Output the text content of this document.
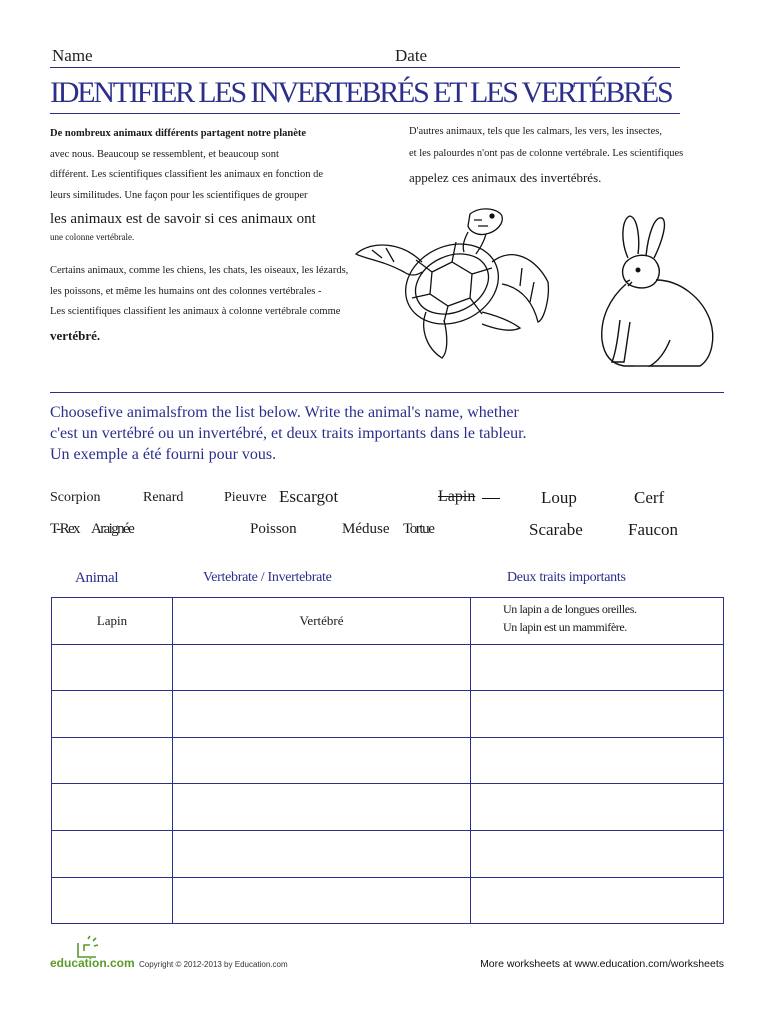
Name	Date
IDENTIFIER LES INVERTEBRÉS ET LES VERTÉBRÉS
De nombreux animaux différents partagent notre planète
avec nous. Beaucoup se ressemblent, et beaucoup sont
différent. Les scientifiques classifient les animaux en fonction de
leurs similitudes. Une façon pour les scientifiques de grouper
les animaux est de savoir si ces animaux ont
une colonne vertébrale.
Certains animaux, comme les chiens, les chats, les oiseaux, les lézards,
les poissons, et même les humains ont des colonnes vertébrales -
Les scientifiques classifient les animaux à colonne vertébrale comme
vertébré.
D'autres animaux, tels que les calmars, les vers, les insectes,
et les palourdes n'ont pas de colonne vertébrale. Les scientifiques
appelez ces animaux des invertébrés.
Choosefive animalsfrom the list below. Write the animal's name, whether
c'est un vertébré ou un invertébré, et deux traits importants dans le tableur.
Un exemple a été fourni pour vous.
Scorpion	Renard	Pieuvre Escargot	Lapin	Loup	Cerf
T-Rex Araignée	Poisson	Méduse Tortue	Scarabe	Faucon
Animal	Vertebrate / Invertebrate	Deux traits importants
Lapin	Vertébré	Un lapin a de longues oreilles.
Un lapin est un mammifère.

education.com Copyright © 2012-2013 by Education.com	More worksheets at www.education.com/worksheets
